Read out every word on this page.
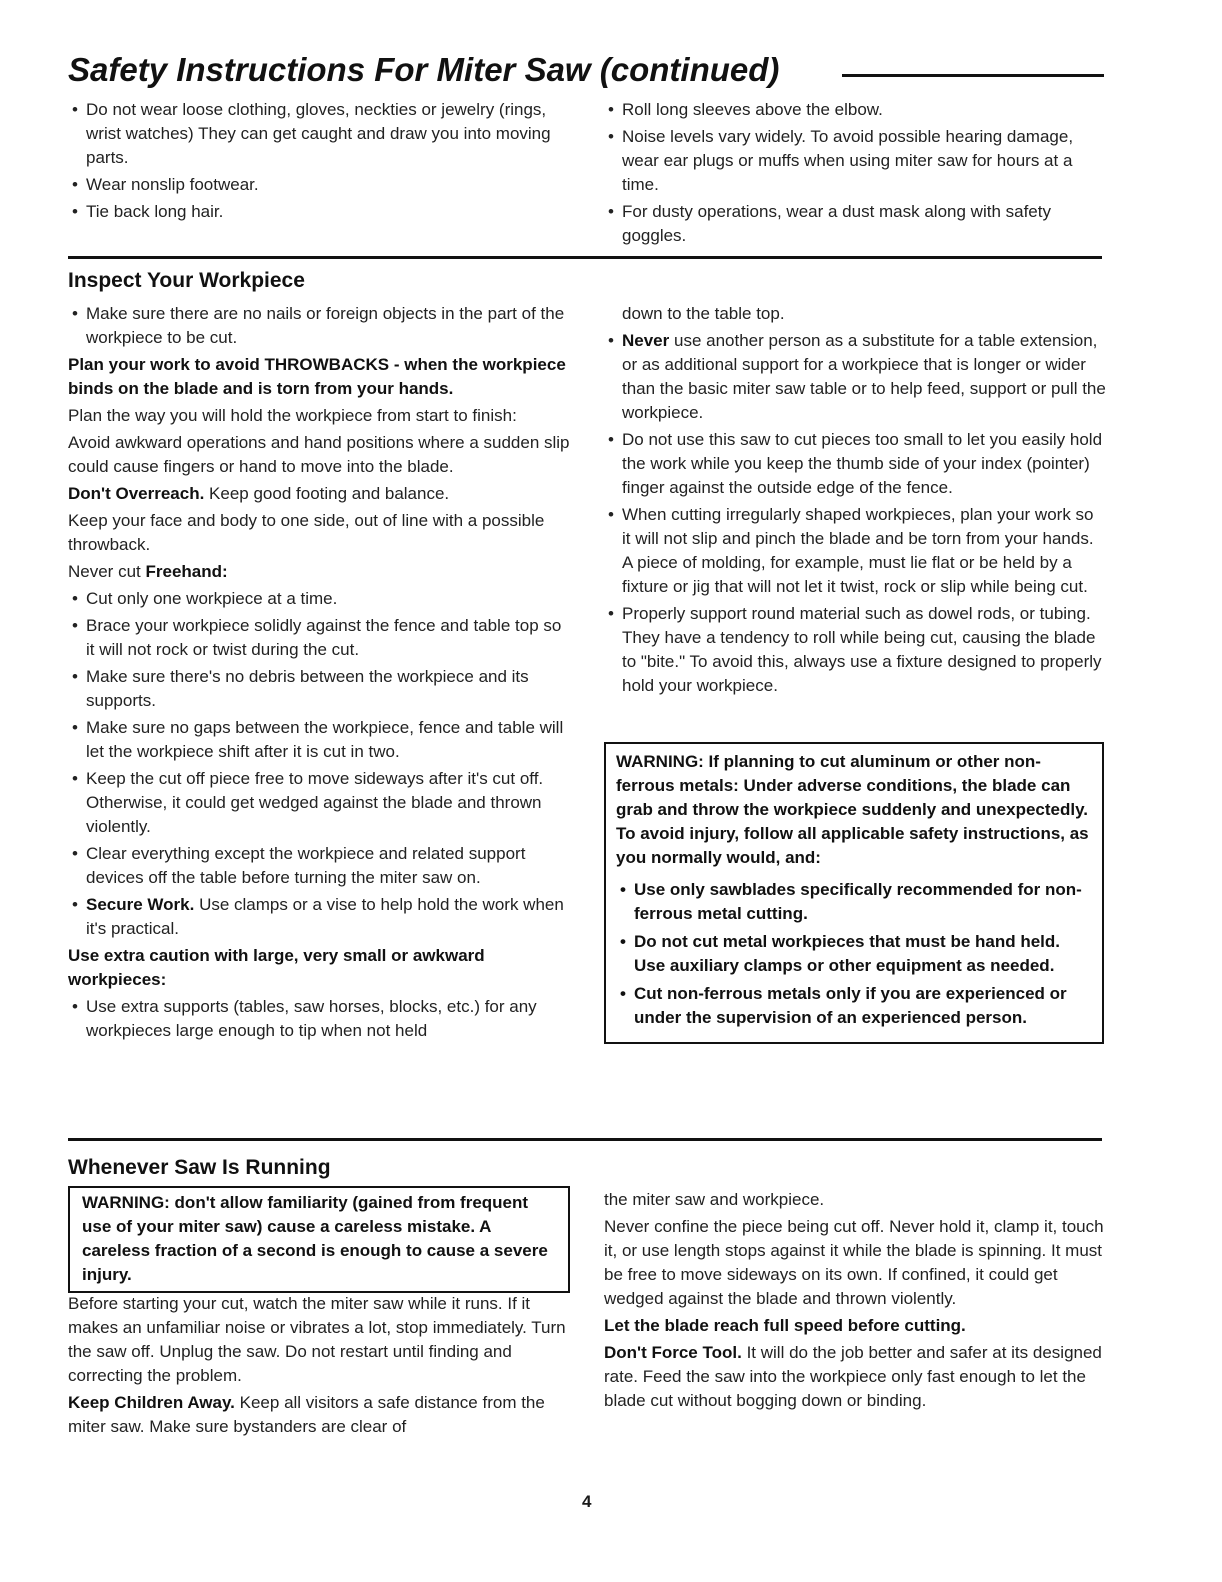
Safety Instructions For Miter Saw (continued)
• Do not wear loose clothing, gloves, neckties or jewelry (rings, wrist watches) They can get caught and draw you into moving parts.
• Wear nonslip footwear.
• Tie back long hair.
• Roll long sleeves above the elbow.
• Noise levels vary widely. To avoid possible hearing damage, wear ear plugs or muffs when using miter saw for hours at a time.
• For dusty operations, wear a dust mask along with safety goggles.
Inspect Your Workpiece
• Make sure there are no nails or foreign objects in the part of the workpiece to be cut.

Plan your work to avoid THROWBACKS - when the workpiece binds on the blade and is torn from your hands.

Plan the way you will hold the workpiece from start to finish:

Avoid awkward operations and hand positions where a sudden slip could cause fingers or hand to move into the blade.

Don't Overreach. Keep good footing and balance.

Keep your face and body to one side, out of line with a possible throwback.

Never cut Freehand:

• Cut only one workpiece at a time.
• Brace your workpiece solidly against the fence and table top so it will not rock or twist during the cut.
• Make sure there's no debris between the workpiece and its supports.
• Make sure no gaps between the workpiece, fence and table will let the workpiece shift after it is cut in two.
• Keep the cut off piece free to move sideways after it's cut off. Otherwise, it could get wedged against the blade and thrown violently.
• Clear everything except the workpiece and related support devices off the table before turning the miter saw on.
• Secure Work. Use clamps or a vise to help hold the work when it's practical.

Use extra caution with large, very small or awkward workpieces:

• Use extra supports (tables, saw horses, blocks, etc.) for any workpieces large enough to tip when not held

down to the table top.

• Never use another person as a substitute for a table extension, or as additional support for a workpiece that is longer or wider than the basic miter saw table or to help feed, support or pull the workpiece.
• Do not use this saw to cut pieces too small to let you easily hold the work while you keep the thumb side of your index (pointer) finger against the outside edge of the fence.
• When cutting irregularly shaped workpieces, plan your work so it will not slip and pinch the blade and be torn from your hands. A piece of molding, for example, must lie flat or be held by a fixture or jig that will not let it twist, rock or slip while being cut.
• Properly support round material such as dowel rods, or tubing. They have a tendency to roll while being cut, causing the blade to "bite." To avoid this, always use a fixture designed to properly hold your workpiece.

WARNING: If planning to cut aluminum or other non-ferrous metals: Under adverse conditions, the blade can grab and throw the workpiece suddenly and unexpectedly. To avoid injury, follow all applicable safety instructions, as you normally would, and:

• Use only sawblades specifically recommended for non-ferrous metal cutting.
• Do not cut metal workpieces that must be hand held. Use auxiliary clamps or other equipment as needed.
• Cut non-ferrous metals only if you are experienced or under the supervision of an experienced person.
Whenever Saw Is Running

WARNING: don't allow familiarity (gained from frequent use of your miter saw) cause a careless mistake. A careless fraction of a second is enough to cause a severe injury.

Before starting your cut, watch the miter saw while it runs. If it makes an unfamiliar noise or vibrates a lot, stop immediately. Turn the saw off. Unplug the saw. Do not restart until finding and correcting the problem.

Keep Children Away. Keep all visitors a safe distance from the miter saw. Make sure bystanders are clear of

the miter saw and workpiece.

Never confine the piece being cut off. Never hold it, clamp it, touch it, or use length stops against it while the blade is spinning. It must be free to move sideways on its own. If confined, it could get wedged against the blade and thrown violently.

Let the blade reach full speed before cutting.

Don't Force Tool. It will do the job better and safer at its designed rate. Feed the saw into the workpiece only fast enough to let the blade cut without bogging down or binding.

4
